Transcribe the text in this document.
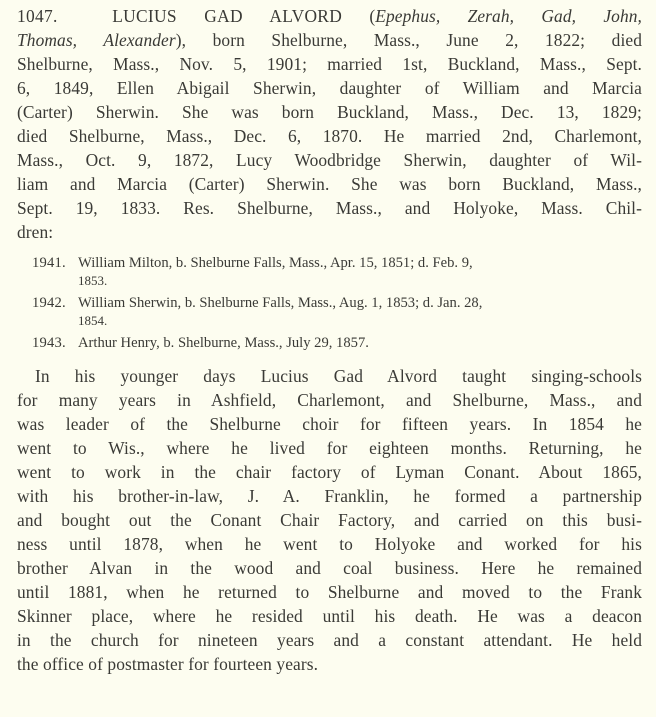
1047.	LUCIUS GAD ALVORD (Epephus, Zerah, Gad, John,
Thomas, Alexander), born Shelburne, Mass., June 2, 1822; died
Shelburne, Mass., Nov. 5, 1901; married 1st, Buckland, Mass., Sept.
6, 1849, Ellen Abigail Sherwin, daughter of William and Marcia
(Carter) Sherwin. She was born Buckland, Mass., Dec. 13, 1829;
died Shelburne, Mass., Dec. 6, 1870. He married 2nd, Charlemont,
Mass., Oct. 9, 1872, Lucy Woodbridge Sherwin, daughter of Wil-
liam and Marcia (Carter) Sherwin. She was born Buckland, Mass.,
Sept. 19, 1833. Res. Shelburne, Mass., and Holyoke, Mass. Chil-
dren:
1941. William Milton, b. Shelburne Falls, Mass., Apr. 15, 1851; d. Feb. 9,
1853.
1942. William Sherwin, b. Shelburne Falls, Mass., Aug. 1, 1853; d. Jan. 28,
1854.
1943. Arthur Henry, b. Shelburne, Mass., July 29, 1857.
In his younger days Lucius Gad Alvord taught singing-schools
for many years in Ashfield, Charlemont, and Shelburne, Mass., and
was leader of the Shelburne choir for fifteen years. In 1854 he
went to Wis., where he lived for eighteen months. Returning, he
went to work in the chair factory of Lyman Conant. About 1865,
with his brother-in-law, J. A. Franklin, he formed a partnership
and bought out the Conant Chair Factory, and carried on this busi-
ness until 1878, when he went to Holyoke and worked for his
brother Alvan in the wood and coal business. Here he remained
until 1881, when he returned to Shelburne and moved to the Frank
Skinner place, where he resided until his death. He was a deacon
in the church for nineteen years and a constant attendant. He held
the office of postmaster for fourteen years.
